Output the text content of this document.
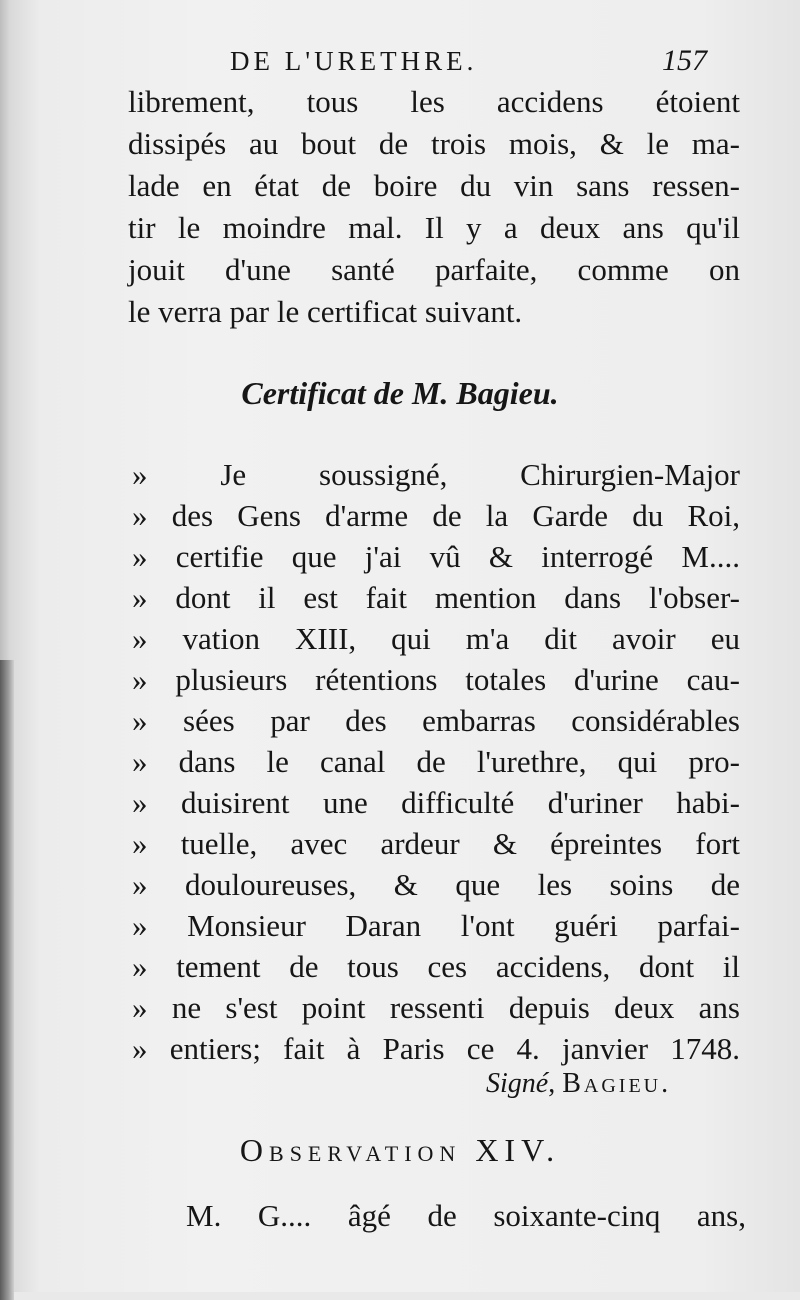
DE L'URETHRE.	157
librement, tous les accidens étoient
dissipés au bout de trois mois, & le ma-
lade en état de boire du vin sans ressen-
tir le moindre mal. Il y a deux ans qu'il
jouit d'une santé parfaite, comme on
le verra par le certificat suivant.
Certificat de M. Bagieu.
» Je soussigné, Chirurgien-Major
» des Gens d'arme de la Garde du Roi,
» certifie que j'ai vû & interrogé M....
» dont il est fait mention dans l'obser-
» vation XIII, qui m'a dit avoir eu
» plusieurs rétentions totales d'urine cau-
» sées par des embarras considérables
» dans le canal de l'urethre, qui pro-
» duisirent une difficulté d'uriner habi-
» tuelle, avec ardeur & épreintes fort
» douloureuses, & que les soins de
» Monsieur Daran l'ont guéri parfai-
» tement de tous ces accidens, dont il
» ne s'est point ressenti depuis deux ans
» entiers; fait à Paris ce 4. janvier 1748.
Signé, Bagieu.
Observation XIV.
M. G.... âgé de soixante-cinq ans,
